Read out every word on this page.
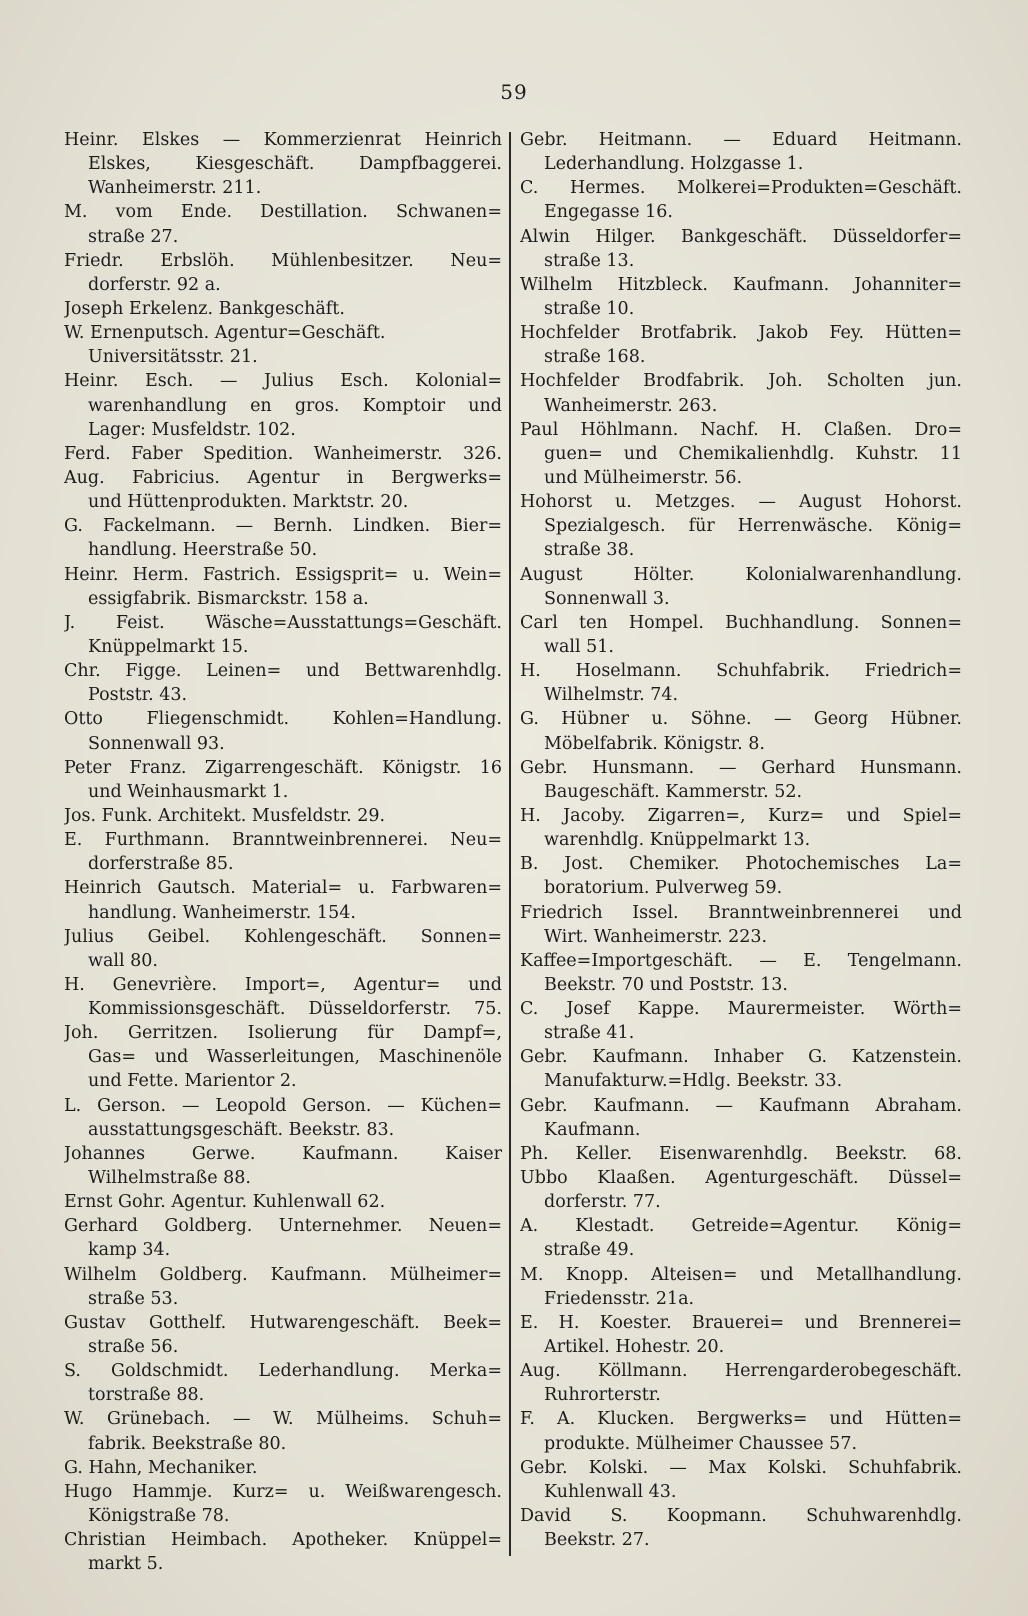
59
Heinr. Elskes — Kommerzienrat Heinrich
Elskes, Kiesgeschäft. Dampfbaggerei.
Wanheimerstr. 211.
M. vom Ende. Destillation. Schwanen=
straße 27.
Friedr. Erbslöh. Mühlenbesitzer. Neu=
dorferstr. 92 a.
Joseph Erkelenz. Bankgeschäft.
W. Ernenputsch. Agentur=Geschäft.
Universitätsstr. 21.
Heinr. Esch. — Julius Esch. Kolonial=
warenhandlung en gros. Komptoir und
Lager: Musfeldstr. 102.
Ferd. Faber Spedition. Wanheimerstr. 326.
Aug. Fabricius. Agentur in Bergwerks=
und Hüttenprodukten. Marktstr. 20.
G. Fackelmann. — Bernh. Lindken. Bier=
handlung. Heerstraße 50.
Heinr. Herm. Fastrich. Essigsprit= u. Wein=
essigfabrik. Bismarckstr. 158 a.
J. Feist. Wäsche=Ausstattungs=Geschäft.
Knüppelmarkt 15.
Chr. Figge. Leinen= und Bettwarenhdlg.
Poststr. 43.
Otto Fliegenschmidt. Kohlen=Handlung.
Sonnenwall 93.
Peter Franz. Zigarrengeschäft. Königstr. 16
und Weinhausmarkt 1.
Jos. Funk. Architekt. Musfeldstr. 29.
E. Furthmann. Branntweinbrennerei. Neu=
dorferstraße 85.
Heinrich Gautsch. Material= u. Farbwaren=
handlung. Wanheimerstr. 154.
Julius Geibel. Kohlengeschäft. Sonnen=
wall 80.
H. Genevrière. Import=, Agentur= und
Kommissionsgeschäft. Düsseldorferstr. 75.
Joh. Gerritzen. Isolierung für Dampf=,
Gas= und Wasserleitungen, Maschinenöle
und Fette. Marientor 2.
L. Gerson. — Leopold Gerson. — Küchen=
ausstattungsgeschäft. Beekstr. 83.
Johannes Gerwe. Kaufmann. Kaiser
Wilhelmstraße 88.
Ernst Gohr. Agentur. Kuhlenwall 62.
Gerhard Goldberg. Unternehmer. Neuen=
kamp 34.
Wilhelm Goldberg. Kaufmann. Mülheimer=
straße 53.
Gustav Gotthelf. Hutwarengeschäft. Beek=
straße 56.
S. Goldschmidt. Lederhandlung. Merka=
torstraße 88.
W. Grünebach. — W. Mülheims. Schuh=
fabrik. Beekstraße 80.
G. Hahn, Mechaniker.
Hugo Hammje. Kurz= u. Weißwarengesch.
Königstraße 78.
Christian Heimbach. Apotheker. Knüppel=
markt 5.
Gebr. Heitmann. — Eduard Heitmann.
Lederhandlung. Holzgasse 1.
C. Hermes. Molkerei=Produkten=Geschäft.
Engegasse 16.
Alwin Hilger. Bankgeschäft. Düsseldorfer=
straße 13.
Wilhelm Hitzbleck. Kaufmann. Johanniter=
straße 10.
Hochfelder Brotfabrik. Jakob Fey. Hütten=
straße 168.
Hochfelder Brodfabrik. Joh. Scholten jun.
Wanheimerstr. 263.
Paul Höhlmann. Nachf. H. Claßen. Dro=
guen= und Chemikalienhdlg. Kuhstr. 11
und Mülheimerstr. 56.
Hohorst u. Metzges. — August Hohorst.
Spezialgesch. für Herrenwäsche. König=
straße 38.
August Hölter. Kolonialwarenhandlung.
Sonnenwall 3.
Carl ten Hompel. Buchhandlung. Sonnen=
wall 51.
H. Hoselmann. Schuhfabrik. Friedrich=
Wilhelmstr. 74.
G. Hübner u. Söhne. — Georg Hübner.
Möbelfabrik. Königstr. 8.
Gebr. Hunsmann. — Gerhard Hunsmann.
Baugeschäft. Kammerstr. 52.
H. Jacoby. Zigarren=, Kurz= und Spiel=
warenhdlg. Knüppelmarkt 13.
B. Jost. Chemiker. Photochemisches La=
boratorium. Pulverweg 59.
Friedrich Issel. Branntweinbrennerei und
Wirt. Wanheimerstr. 223.
Kaffee=Importgeschäft. — E. Tengelmann.
Beekstr. 70 und Poststr. 13.
C. Josef Kappe. Maurermeister. Wörth=
straße 41.
Gebr. Kaufmann. Inhaber G. Katzenstein.
Manufakturw.=Hdlg. Beekstr. 33.
Gebr. Kaufmann. — Kaufmann Abraham.
Kaufmann.
Ph. Keller. Eisenwarenhdlg. Beekstr. 68.
Ubbo Klaaßen. Agenturgeschäft. Düssel=
dorferstr. 77.
A. Klestadt. Getreide=Agentur. König=
straße 49.
M. Knopp. Alteisen= und Metallhandlung.
Friedensstr. 21a.
E. H. Koester. Brauerei= und Brennerei=
Artikel. Hohestr. 20.
Aug. Köllmann. Herrengarderobegeschäft.
Ruhrorterstr.
F. A. Klucken. Bergwerks= und Hütten=
produkte. Mülheimer Chaussee 57.
Gebr. Kolski. — Max Kolski. Schuhfabrik.
Kuhlenwall 43.
David S. Koopmann. Schuhwarenhdlg.
Beekstr. 27.
